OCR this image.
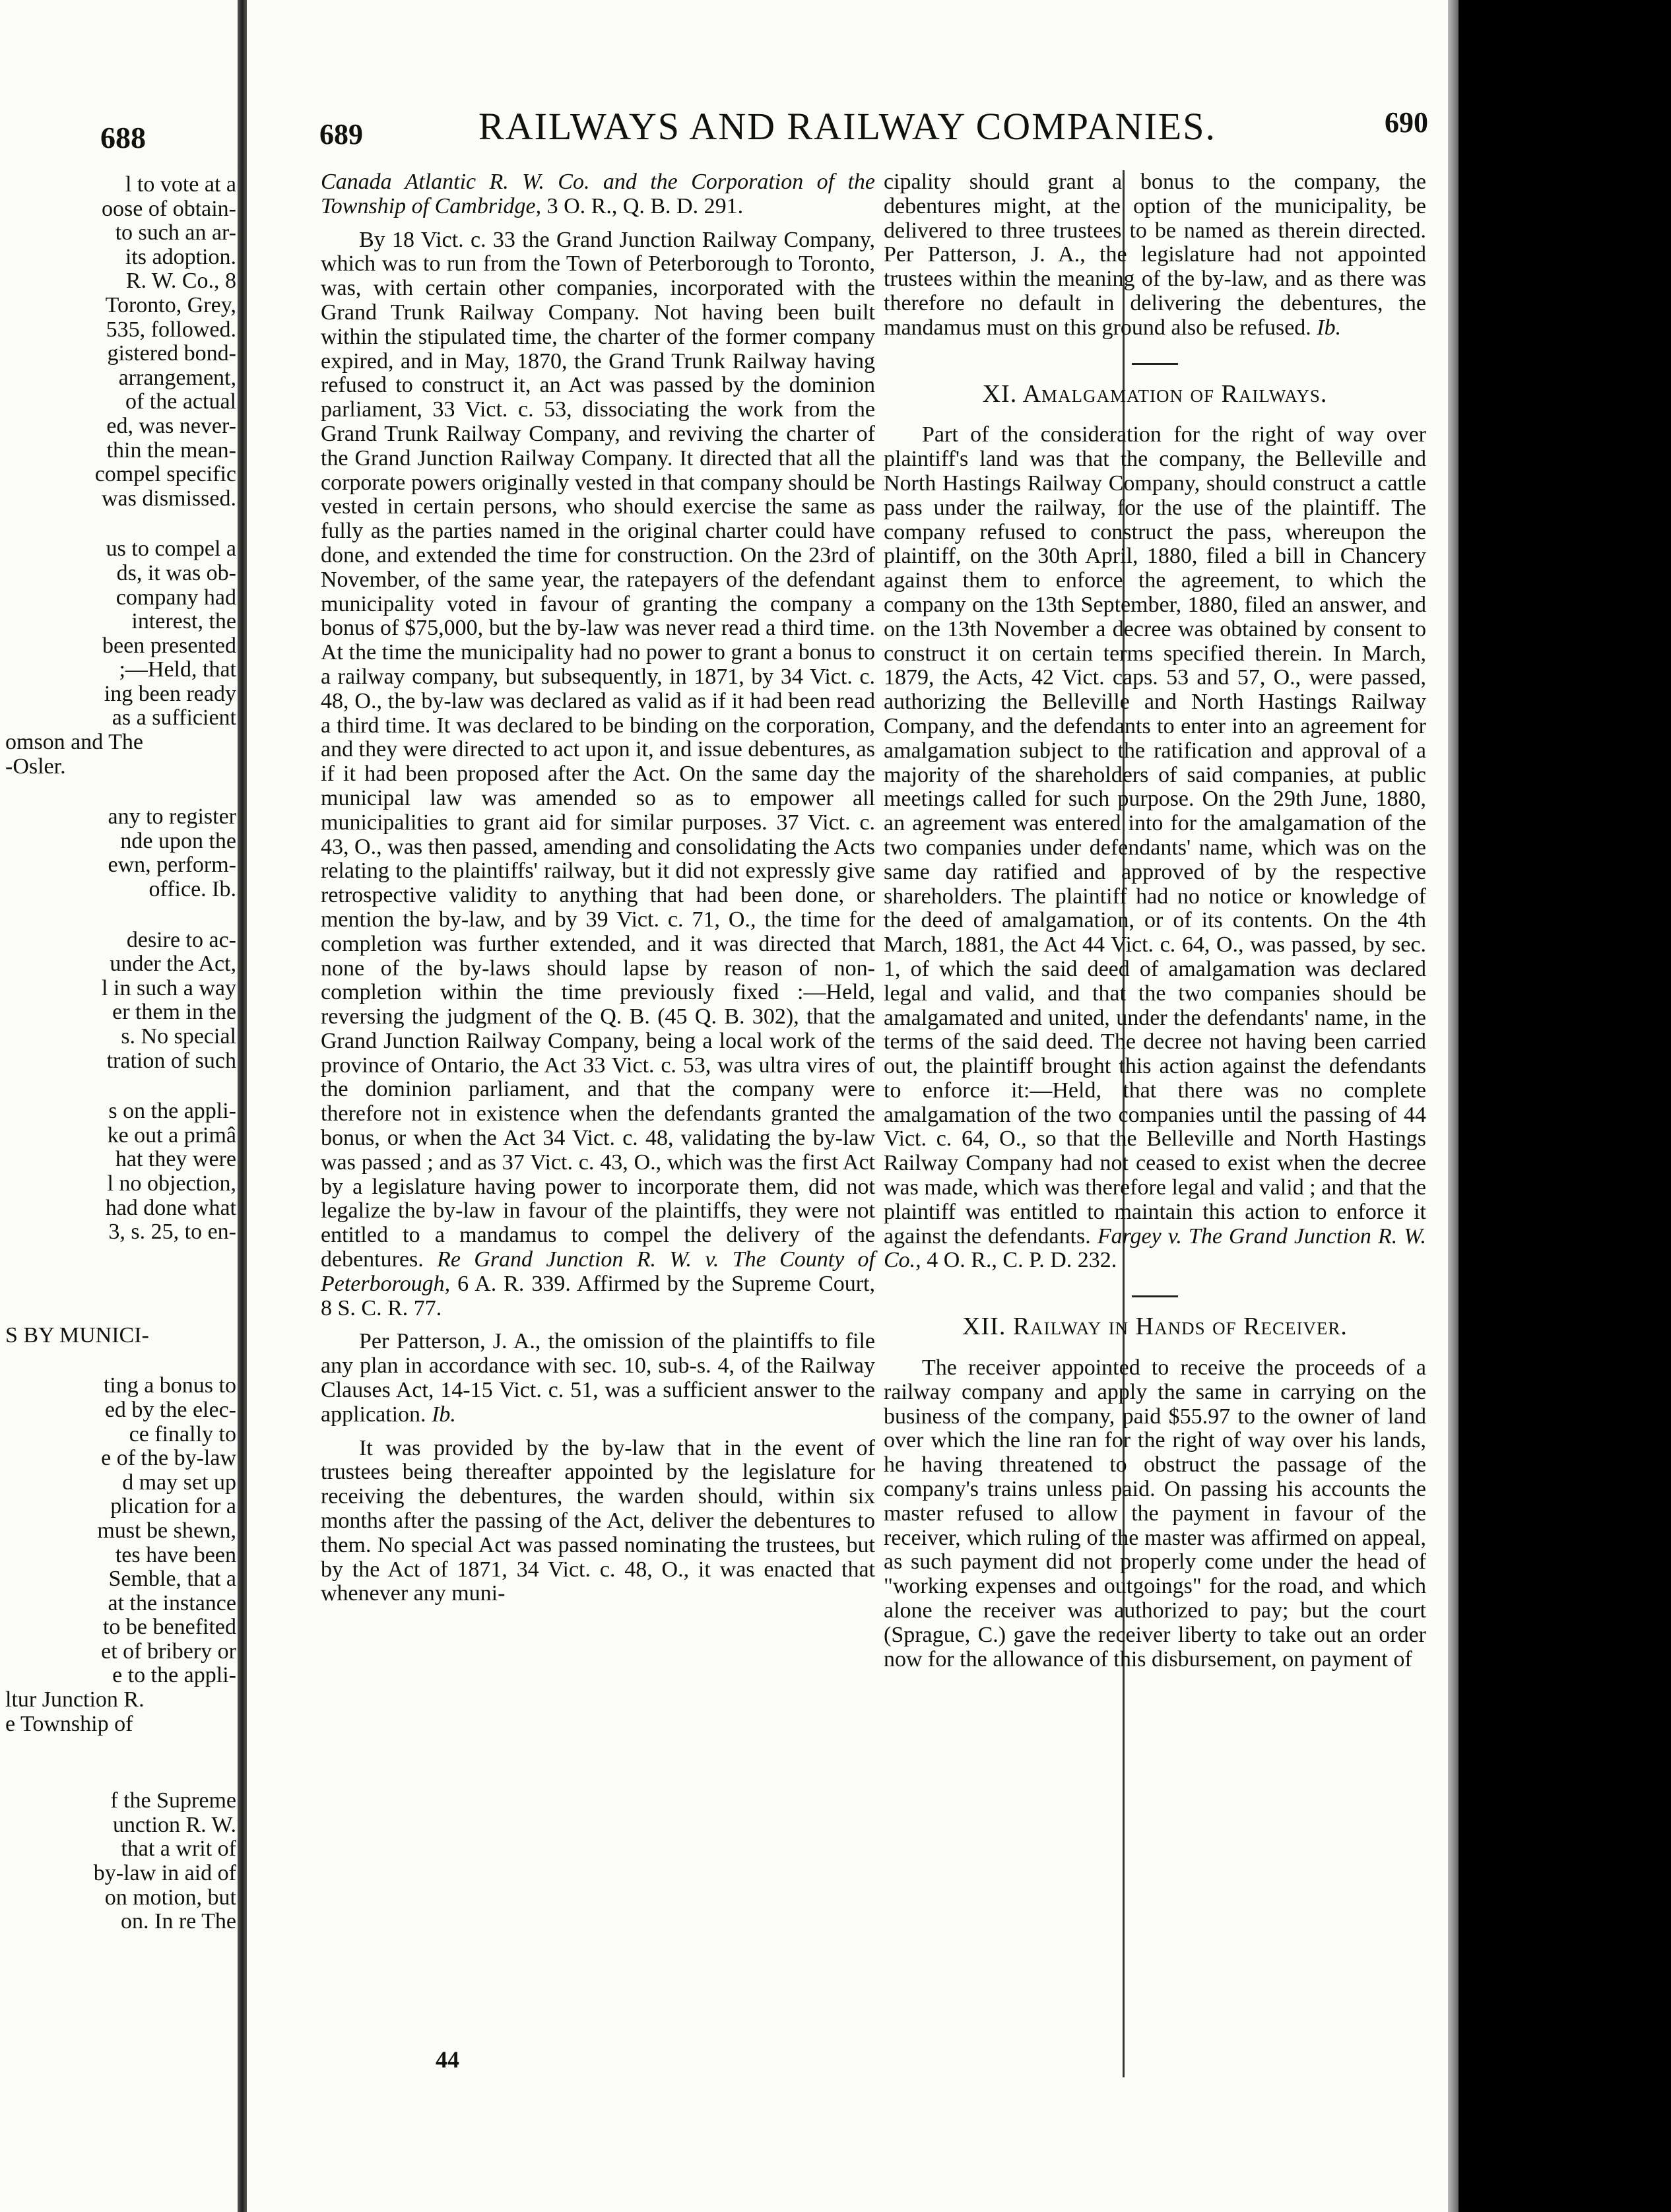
688
l to vote at a
oose of obtain-
to such an ar-
its adoption.
R. W. Co., 8
Toronto, Grey,
535, followed.
gistered bond-
arrangement,
of the actual
ed, was never-
thin the mean-
compel specific
was dismissed.
us to compel a
ds, it was ob-
company had
interest, the
been presented
;—Held, that
ing been ready
as a sufficient
omson and The
-Osler.
any to register
nde upon the
ewn, perform-
office. Ib.
desire to ac-
under the Act,
l in such a way
er them in the
s. No special
tration of such
s on the appli-
ke out a primâ
hat they were
l no objection,
had done what
3, s. 25, to en-
S BY MUNICI-
ting a bonus to
ed by the elec-
ce finally to
e of the by-law
d may set up
plication for a
must be shewn,
tes have been
Semble, that a
at the instance
to be benefited
et of bribery or
e to the appli-
ltur Junction R.
e Township of
f the Supreme
unction R. W.
that a writ of
by-law in aid of
on motion, but
on. In re The
689	RAILWAYS AND RAILWAY COMPANIES.	690

Canada Atlantic R. W. Co. and the Corporation of the Township of Cambridge, 3 O. R., Q. B. D. 291.

By 18 Vict. c. 33 the Grand Junction Railway Company, which was to run from the Town of Peterborough to Toronto, was, with certain other companies, incorporated with the Grand Trunk Railway Company. Not having been built within the stipulated time, the charter of the former company expired, and in May, 1870, the Grand Trunk Railway having refused to construct it, an Act was passed by the dominion parliament, 33 Vict. c. 53, dissociating the work from the Grand Trunk Railway Company, and reviving the charter of the Grand Junction Railway Company. It directed that all the corporate powers originally vested in that company should be vested in certain persons, who should exercise the same as fully as the parties named in the original charter could have done, and extended the time for construction. On the 23rd of November, of the same year, the ratepayers of the defendant municipality voted in favour of granting the company a bonus of $75,000, but the by-law was never read a third time. At the time the municipality had no power to grant a bonus to a railway company, but subsequently, in 1871, by 34 Vict. c. 48, O., the by-law was declared as valid as if it had been read a third time. It was declared to be binding on the corporation, and they were directed to act upon it, and issue debentures, as if it had been proposed after the Act. On the same day the municipal law was amended so as to empower all municipalities to grant aid for similar purposes. 37 Vict. c. 43, O., was then passed, amending and consolidating the Acts relating to the plaintiffs' railway, but it did not expressly give retrospective validity to anything that had been done, or mention the by-law, and by 39 Vict. c. 71, O., the time for completion was further extended, and it was directed that none of the by-laws should lapse by reason of non-completion within the time previously fixed :—Held, reversing the judgment of the Q. B. (45 Q. B. 302), that the Grand Junction Railway Company, being a local work of the province of Ontario, the Act 33 Vict. c. 53, was ultra vires of the dominion parliament, and that the company were therefore not in existence when the defendants granted the bonus, or when the Act 34 Vict. c. 48, validating the by-law was passed ; and as 37 Vict. c. 43, O., which was the first Act by a legislature having power to incorporate them, did not legalize the by-law in favour of the plaintiffs, they were not entitled to a mandamus to compel the delivery of the debentures. Re Grand Junction R. W. v. The County of Peterborough, 6 A. R. 339. Affirmed by the Supreme Court, 8 S. C. R. 77.

Per Patterson, J. A., the omission of the plaintiffs to file any plan in accordance with sec. 10, sub-s. 4, of the Railway Clauses Act, 14-15 Vict. c. 51, was a sufficient answer to the application. Ib.

It was provided by the by-law that in the event of trustees being thereafter appointed by the legislature for receiving the debentures, the warden should, within six months after the passing of the Act, deliver the debentures to them. No special Act was passed nominating the trustees, but by the Act of 1871, 34 Vict. c. 48, O., it was enacted that whenever any muni-

cipality should grant a bonus to the company, the debentures might, at the option of the municipality, be delivered to three trustees to be named as therein directed. Per Patterson, J. A., the legislature had not appointed trustees within the meaning of the by-law, and as there was therefore no default in delivering the debentures, the mandamus must on this ground also be refused. Ib.

XI. Amalgamation of Railways.

Part of the consideration for the right of way over plaintiff's land was that the company, the Belleville and North Hastings Railway Company, should construct a cattle pass under the railway, for the use of the plaintiff. The company refused to construct the pass, whereupon the plaintiff, on the 30th April, 1880, filed a bill in Chancery against them to enforce the agreement, to which the company on the 13th September, 1880, filed an answer, and on the 13th November a decree was obtained by consent to construct it on certain terms specified therein. In March, 1879, the Acts, 42 Vict. caps. 53 and 57, O., were passed, authorizing the Belleville and North Hastings Railway Company, and the defendants to enter into an agreement for amalgamation subject to the ratification and approval of a majority of the shareholders of said companies, at public meetings called for such purpose. On the 29th June, 1880, an agreement was entered into for the amalgamation of the two companies under defendants' name, which was on the same day ratified and approved of by the respective shareholders. The plaintiff had no notice or knowledge of the deed of amalgamation, or of its contents. On the 4th March, 1881, the Act 44 Vict. c. 64, O., was passed, by sec. 1, of which the said deed of amalgamation was declared legal and valid, and that the two companies should be amalgamated and united, under the defendants' name, in the terms of the said deed. The decree not having been carried out, the plaintiff brought this action against the defendants to enforce it:—Held, that there was no complete amalgamation of the two companies until the passing of 44 Vict. c. 64, O., so that the Belleville and North Hastings Railway Company had not ceased to exist when the decree was made, which was therefore legal and valid ; and that the plaintiff was entitled to maintain this action to enforce it against the defendants. Fargey v. The Grand Junction R. W. Co., 4 O. R., C. P. D. 232.

XII. Railway in Hands of Receiver.

The receiver appointed to receive the proceeds of a railway company and apply the same in carrying on the business of the company, paid $55.97 to the owner of land over which the line ran for the right of way over his lands, he having threatened to obstruct the passage of the company's trains unless paid. On passing his accounts the master refused to allow the payment in favour of the receiver, which ruling of the master was affirmed on appeal, as such payment did not properly come under the head of "working expenses and outgoings" for the road, and which alone the receiver was authorized to pay; but the court (Sprague, C.) gave the receiver liberty to take out an order now for the allowance of this disbursement, on payment of

44
